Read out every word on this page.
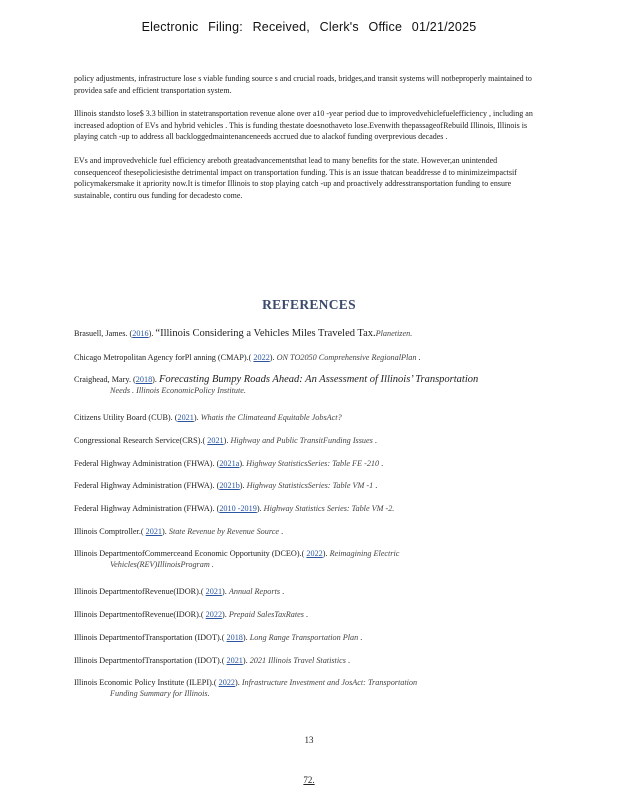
Electronic Filing: Received, Clerk's Office 01/21/2025

policy adjustments, infrastructure lose s viable funding source s and crucial roads, bridges,and transit systems will notbeproperly maintained to providea safe and efficient transportation system.

Illinois standsto lose$ 3.3 billion in statetransportation revenue alone over a10 -year period due to improvedvehiclefuelefficiency , including an increased adoption of EVs and hybrid vehicles . This is funding thestate doesnothaveto lose.Evenwith thepassageofRebuild Illinois, Illinois is playing catch -up to address all backloggedmaintenanceneeds accrued due to alackof funding overprevious decades .

EVs and improvedvehicle fuel efficiency areboth greatadvancementsthat lead to many benefits for the state. However,an unintended consequenceof thesepoliciesisthe detrimental impact on transportation funding. This is an issue thatcan beaddresse d to minimizeimpactsif policymakersmake it apriority now.It is timefor Illinois to stop playing catch -up and proactively addresstransportation funding to ensure sustainable, contiru ous funding for decadesto come.

REFERENCES
Brasuell, James. (2016). “Illinois Considering a Vehicles Miles Traveled Tax.Planetizen.
Chicago Metropolitan Agency forPl anning (CMAP).( 2022). ON TO2050 Comprehensive RegionalPlan .
Craighead, Mary. (2018). Forecasting Bumpy Roads Ahead: An Assessment of Illinois’ Transportation
Needs . Illinois EconomicPolicy Institute.
Citizens Utility Board (CUB). (2021). Whatis the Climateand Equitable JobsAct?
Congressional Research Service(CRS).( 2021). Highway and Public TransitFunding Issues .
Federal Highway Administration (FHWA). (2021a). Highway StatisticsSeries: Table FE -210 .
Federal Highway Administration (FHWA). (2021b). Highway StatisticsSeries: Table VM -1 .
Federal Highway Administration (FHWA). (2010 -2019). Highway Statistics Series: Table VM -2.
Illinois Comptroller.( 2021). State Revenue by Revenue Source .
Illinois DepartmentofCommerceand Economic Opportunity (DCEO).( 2022). Reimagining Electric
Vehicles(REV)IllinoisProgram .
Illinois DepartmentofRevenue(IDOR).( 2021). Annual Reports .
Illinois DepartmentofRevenue(IDOR).( 2022). Prepaid SalesTaxRates .
Illinois DepartmentofTransportation (IDOT).( 2018). Long Range Transportation Plan .
Illinois DepartmentofTransportation (IDOT).( 2021). 2021 Illinois Travel Statistics .
Illinois Economic Policy Institute (ILEPI).( 2022). Infrastructure Investment and JosAct: Transportation
Funding Summary for Illinois.
13
72.
